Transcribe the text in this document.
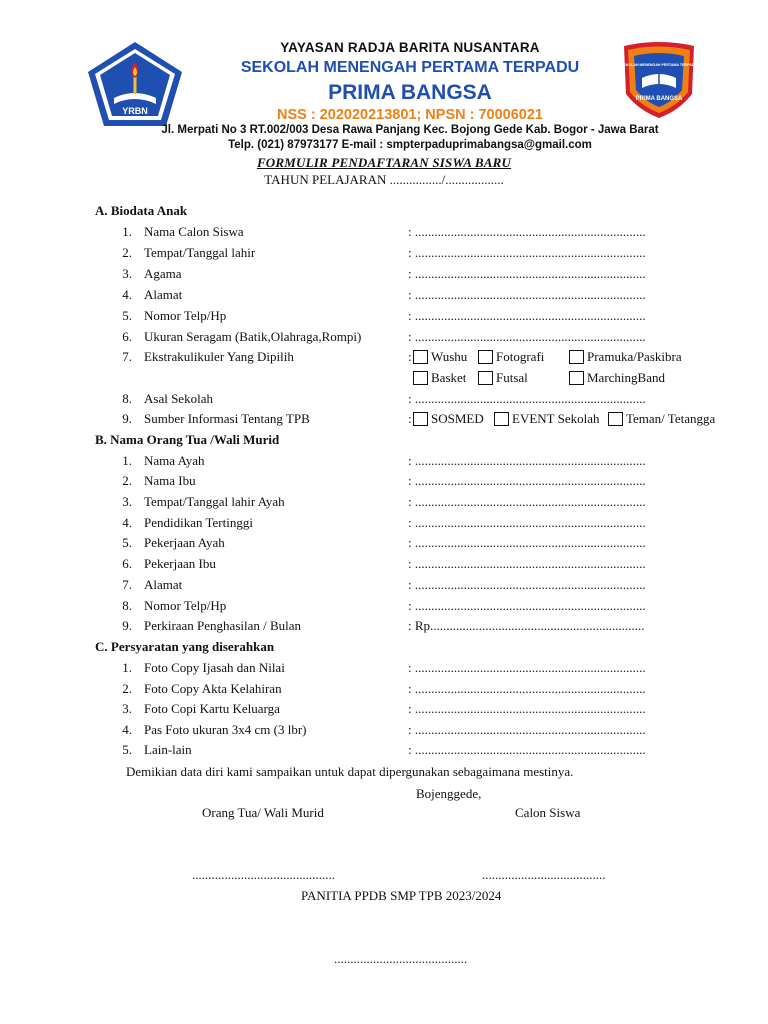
YRBN
SEKOLAH MENENGAH PERTAMA TERPADU
PRIMA BANGSA
YAYASAN RADJA BARITA NUSANTARA
SEKOLAH MENENGAH PERTAMA TERPADU
PRIMA BANGSA
NSS : 202020213801; NPSN : 70006021
Jl. Merpati No 3 RT.002/003 Desa Rawa Panjang Kec. Bojong Gede Kab. Bogor - Jawa Barat
Telp. (021) 87973177 E-mail : smpterpaduprimabangsa@gmail.com
FORMULIR PENDAFTARAN SISWA BARU
TAHUN PELAJARAN ................/..................
A. Biodata Anak
1. Nama Calon Siswa	: .......................................................................
2. Tempat/Tanggal lahir	: .......................................................................
3. Agama	: .......................................................................
4. Alamat	: .......................................................................
5. Nomor Telp/Hp	: .......................................................................
6. Ukuran Seragam (Batik,Olahraga,Rompi)	: .......................................................................
7. Ekstrakulikuler Yang Dipilih	:	Wushu	Fotografi	Pramuka/Paskibra
Basket	Futsal	MarchingBand
8. Asal Sekolah	: .......................................................................
9. Sumber Informasi Tentang TPB	:	SOSMED	EVENT Sekolah	Teman/ Tetangga
B. Nama Orang Tua /Wali Murid
1. Nama Ayah	: .......................................................................
2. Nama Ibu	: .......................................................................
3. Tempat/Tanggal lahir Ayah	: .......................................................................
4. Pendidikan Tertinggi	: .......................................................................
5. Pekerjaan Ayah	: .......................................................................
6. Pekerjaan Ibu	: .......................................................................
7. Alamat	: .......................................................................
8. Nomor Telp/Hp	: .......................................................................
9. Perkiraan Penghasilan / Bulan	: Rp..................................................................
C. Persyaratan yang diserahkan
1. Foto Copy Ijasah dan Nilai	: .......................................................................
2. Foto Copy Akta Kelahiran	: .......................................................................
3. Foto Copi Kartu Keluarga	: .......................................................................
4. Pas Foto ukuran 3x4 cm (3 lbr)	: .......................................................................
5. Lain-lain	: .......................................................................
Demikian data diri kami sampaikan untuk dapat dipergunakan sebagaimana mestinya.
Bojenggede,
Orang Tua/ Wali Murid	Calon Siswa
............................................	......................................
PANITIA PPDB SMP TPB 2023/2024
.........................................
